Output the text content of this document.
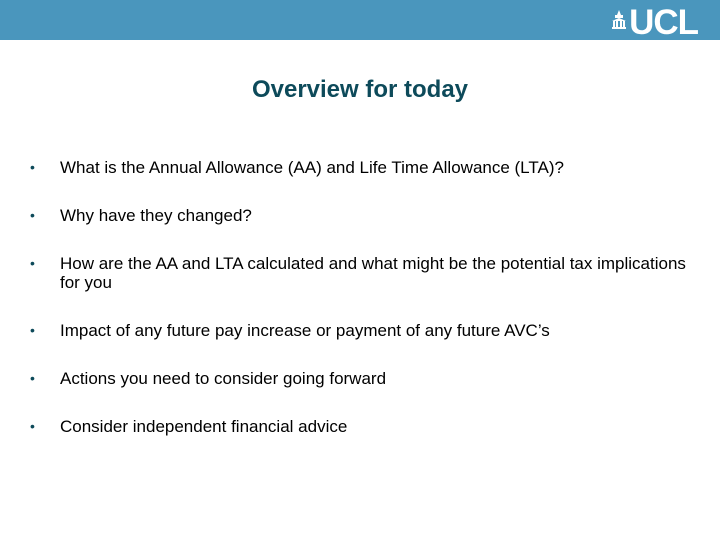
UCL
Overview for today
•	What is the Annual Allowance (AA) and Life Time Allowance (LTA)?
•	Why have they changed?
•	How are the AA and LTA calculated and what might be the potential tax implications for you
•	Impact of any future pay increase or payment of any future AVC’s
•	Actions you need to consider going forward
•	Consider independent financial advice
